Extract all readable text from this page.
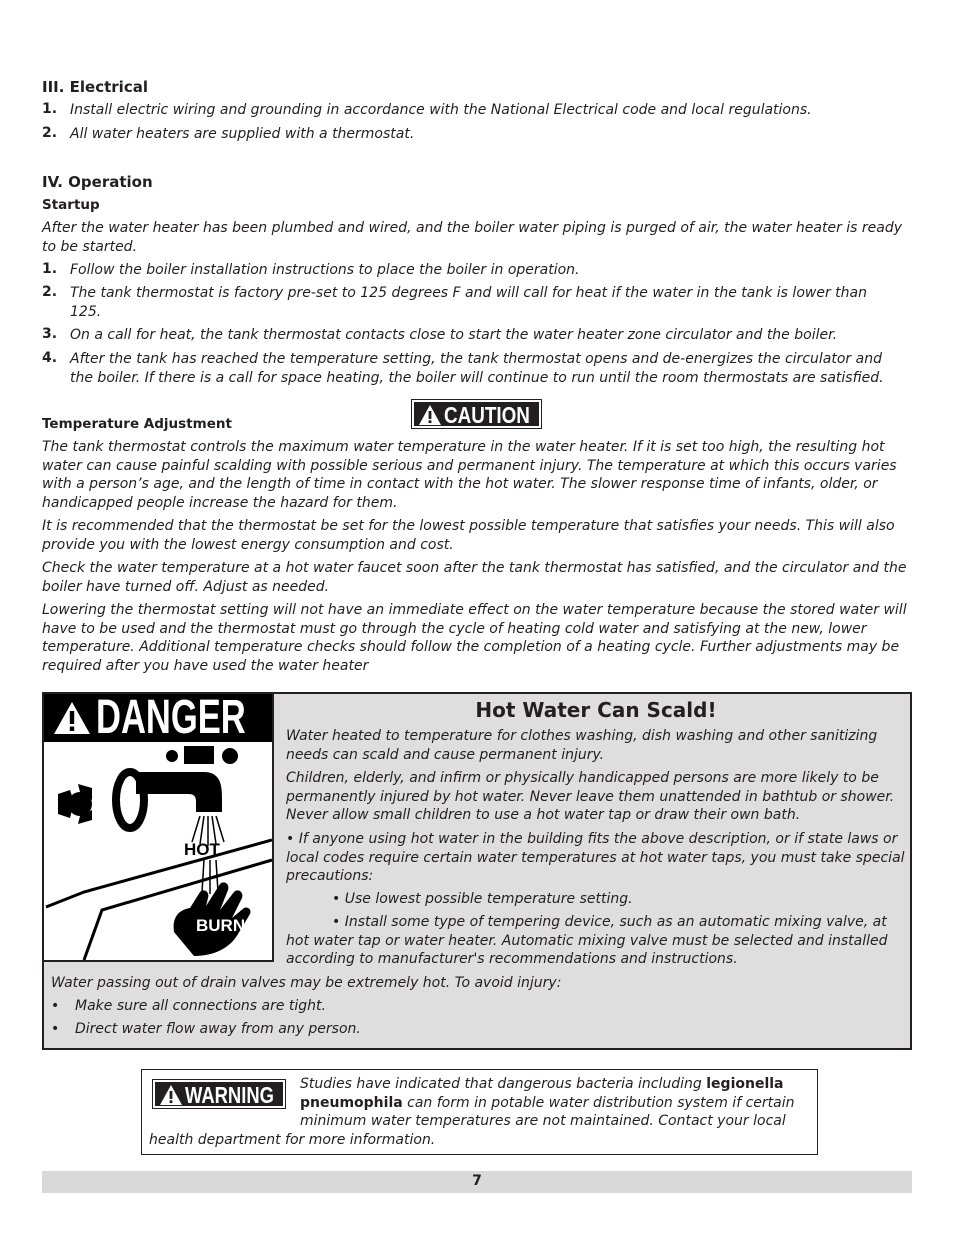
III. Electrical
1. Install electric wiring and grounding in accordance with the National Electrical code and local regulations.
2. All water heaters are supplied with a thermostat.
IV. Operation
Startup
After the water heater has been plumbed and wired, and the boiler water piping is purged of air, the water heater is ready to be started.
1. Follow the boiler installation instructions to place the boiler in operation.
2. The tank thermostat is factory pre-set to 125 degrees F and will call for heat if the water in the tank is lower than 125.
3. On a call for heat, the tank thermostat contacts close to start the water heater zone circulator and the boiler.
4. After the tank has reached the temperature setting, the tank thermostat opens and de-energizes the circulator and the boiler. If there is a call for space heating, the boiler will continue to run until the room thermostats are satisfied.
Temperature Adjustment	CAUTION
The tank thermostat controls the maximum water temperature in the water heater. If it is set too high, the resulting hot water can cause painful scalding with possible serious and permanent injury. The temperature at which this occurs varies with a person’s age, and the length of time in contact with the hot water. The slower response time of infants, older, or handicapped people increase the hazard for them.
It is recommended that the thermostat be set for the lowest possible temperature that satisfies your needs. This will also provide you with the lowest energy consumption and cost.
Check the water temperature at a hot water faucet soon after the tank thermostat has satisfied, and the circulator and the boiler have turned off. Adjust as needed.
Lowering the thermostat setting will not have an immediate effect on the water temperature because the stored water will have to be used and the thermostat must go through the cycle of heating cold water and satisfying at the new, lower temperature. Additional temperature checks should follow the completion of a heating cycle. Further adjustments may be required after you have used the water heater
DANGER
HOT
BURN
Hot Water Can Scald!
Water heated to temperature for clothes washing, dish washing and other sanitizing needs can scald and cause permanent injury.
Children, elderly, and infirm or physically handicapped persons are more likely to be permanently injured by hot water. Never leave them unattended in bathtub or shower. Never allow small children to use a hot water tap or draw their own bath.
• If anyone using hot water in the building fits the above description, or if state laws or local codes require certain water temperatures at hot water taps, you must take special precautions:
• Use lowest possible temperature setting.
• Install some type of tempering device, such as an automatic mixing valve, at hot water tap or water heater. Automatic mixing valve must be selected and installed according to manufacturer's recommendations and instructions.
Water passing out of drain valves may be extremely hot. To avoid injury:
• Make sure all connections are tight.
• Direct water flow away from any person.
WARNING	Studies have indicated that dangerous bacteria including legionella pneumophila can form in potable water distribution system if certain minimum water temperatures are not maintained. Contact your local health department for more information.
7
